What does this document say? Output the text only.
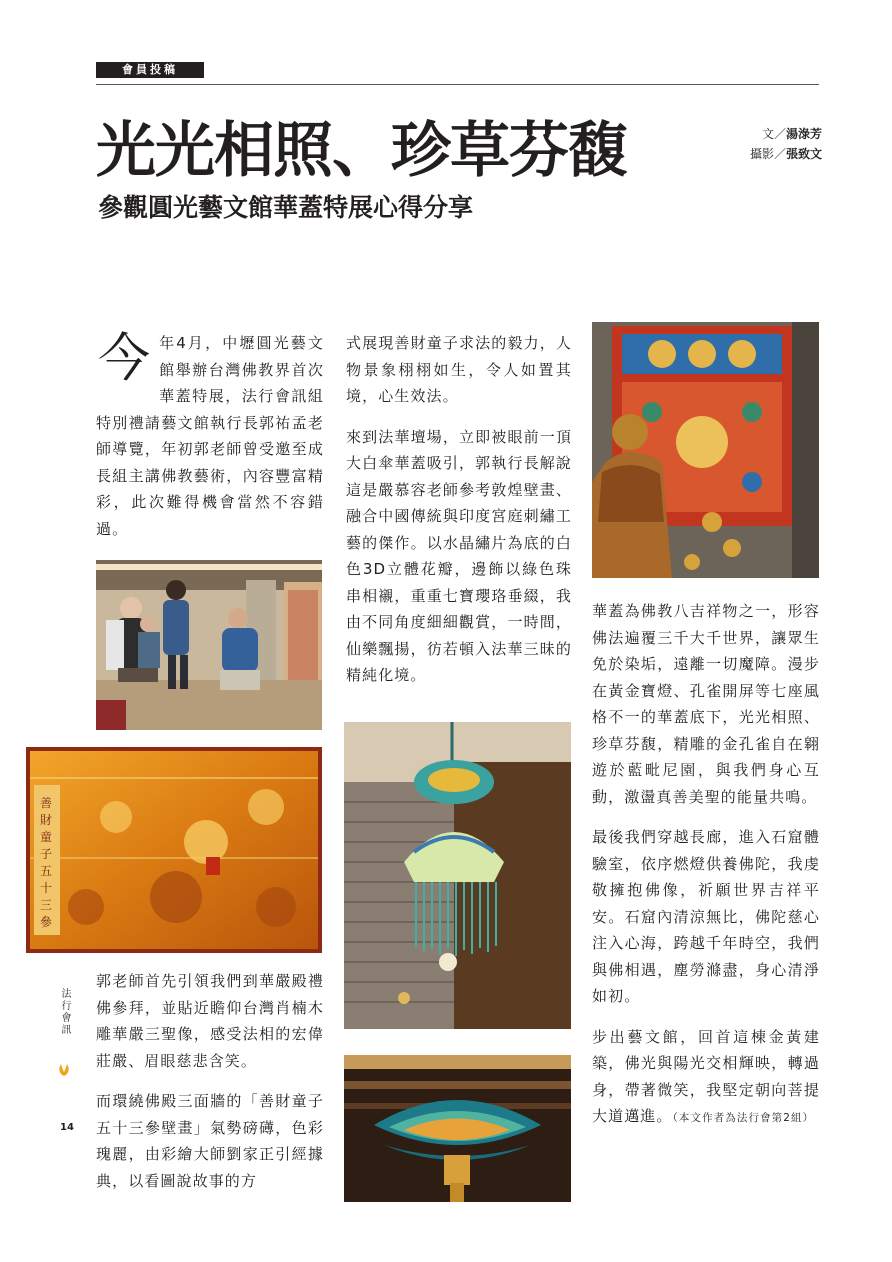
會員投稿
光光相照、珍草芬馥
參觀圓光藝文館華蓋特展心得分享
文／湯淥芳
攝影／張致文

今年4月，中壢圓光藝文館舉辦台灣佛教界首次華蓋特展，法行會訊組特別禮請藝文館執行長郭祐孟老師導覽，年初郭老師曾受邀至成長組主講佛教藝術，內容豐富精彩，此次難得機會當然不容錯過。

善財童子五十三參

郭老師首先引領我們到華嚴殿禮佛參拜，並貼近瞻仰台灣肖楠木雕華嚴三聖像，感受法相的宏偉莊嚴、眉眼慈悲含笑。

而環繞佛殿三面牆的「善財童子五十三參壁畫」氣勢磅礡，色彩瑰麗，由彩繪大師劉家正引經據典，以看圖說故事的方

式展現善財童子求法的毅力，人物景象栩栩如生，令人如置其境，心生效法。

來到法華壇場，立即被眼前一頂大白傘華蓋吸引，郭執行長解說這是嚴慕容老師參考敦煌壁畫、融合中國傳統與印度宮庭刺繡工藝的傑作。以水晶繡片為底的白色3D立體花瓣，邊飾以綠色珠串相襯，重重七寶瓔珞垂綴，我由不同角度細細觀賞，一時間，仙樂飄揚，彷若頓入法華三昧的精純化境。

華蓋為佛教八吉祥物之一，形容佛法遍覆三千大千世界，讓眾生免於染垢，遠離一切魔障。漫步在黃金寶燈、孔雀開屏等七座風格不一的華蓋底下，光光相照、珍草芬馥，精雕的金孔雀自在翱遊於藍毗尼園，與我們身心互動，激盪真善美聖的能量共鳴。

最後我們穿越長廊，進入石窟體驗室，依序燃燈供養佛陀，我虔敬擁抱佛像，祈願世界吉祥平安。石窟內清涼無比，佛陀慈心注入心海，跨越千年時空，我們與佛相遇，塵勞滌盡，身心清淨如初。

步出藝文館，回首這棟金黃建築，佛光與陽光交相輝映，轉過身，帶著微笑，我堅定朝向菩提大道邁進。（本文作者為法行會第2組）

法行會訊
14
